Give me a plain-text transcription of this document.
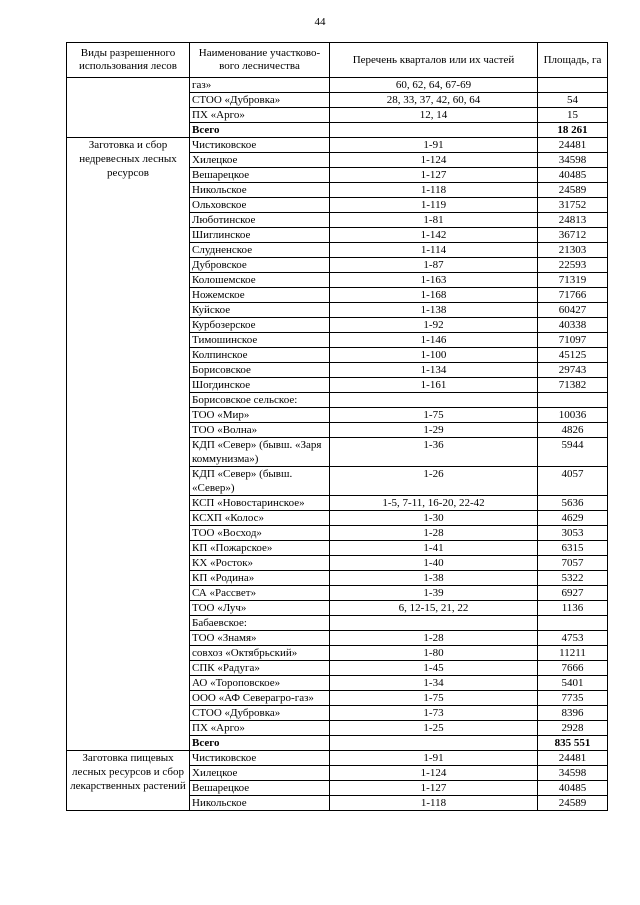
44
Виды разрешенного использования лесов	Наименование участково-вого лесничества	Перечень кварталов или их частей	Площадь, га
	газ»	60, 62, 64, 67-69	
	СТОО «Дубровка»	28, 33, 37, 42, 60, 64	54
	ПХ «Арго»	12, 14	15
	Всего		18 261
Заготовка и сбор недревесных лесных ресурсов	Чистиковское	1-91	24481
	Хилецкое	1-124	34598
	Вешарецкое	1-127	40485
	Никольское	1-118	24589
	Ольховское	1-119	31752
	Люботинское	1-81	24813
	Шиглинское	1-142	36712
	Слудненское	1-114	21303
	Дубровское	1-87	22593
	Колошемское	1-163	71319
	Ножемское	1-168	71766
	Куйское	1-138	60427
	Курбозерское	1-92	40338
	Тимошинское	1-146	71097
	Колпинское	1-100	45125
	Борисовское	1-134	29743
	Шогдинское	1-161	71382
	Борисовское сельское:		
	ТОО «Мир»	1-75	10036
	ТОО «Волна»	1-29	4826
	КДП «Север» (бывш. «Заря коммунизма»)	1-36	5944
	КДП «Север» (бывш. «Север»)	1-26	4057
	КСП «Новостаринское»	1-5, 7-11, 16-20, 22-42	5636
	КСХП «Колос»	1-30	4629
	ТОО «Восход»	1-28	3053
	КП «Пожарское»	1-41	6315
	КХ «Росток»	1-40	7057
	КП «Родина»	1-38	5322
	СА «Рассвет»	1-39	6927
	ТОО «Луч»	6, 12-15, 21, 22	1136
	Бабаевское:		
	ТОО «Знамя»	1-28	4753
	совхоз «Октябрьский»	1-80	11211
	СПК «Радуга»	1-45	7666
	АО «Тороповское»	1-34	5401
	ООО «АФ Северагро-газ»	1-75	7735
	СТОО «Дубровка»	1-73	8396
	ПХ «Арго»	1-25	2928
	Всего		835 551
Заготовка пищевых лесных ресурсов и сбор лекарственных растений	Чистиковское	1-91	24481
	Хилецкое	1-124	34598
	Вешарецкое	1-127	40485
	Никольское	1-118	24589
